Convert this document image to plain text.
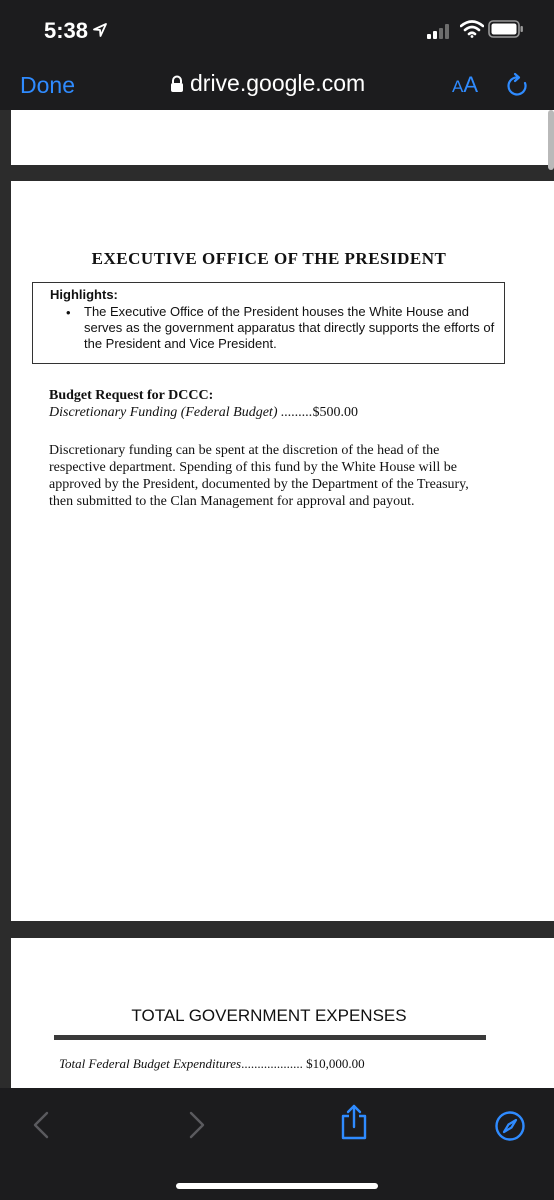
5:38
Done	drive.google.com	AA
EXECUTIVE OFFICE OF THE PRESIDENT
Highlights:
• The Executive Office of the President houses the White House and serves as the government apparatus that directly supports the efforts of the President and Vice President.
Budget Request for DCCC:
Discretionary Funding (Federal Budget) .........$500.00
Discretionary funding can be spent at the discretion of the head of the respective department. Spending of this fund by the White House will be approved by the President, documented by the Department of the Treasury, then submitted to the Clan Management for approval and payout.
TOTAL GOVERNMENT EXPENSES
Total Federal Budget Expenditures................... $10,000.00
